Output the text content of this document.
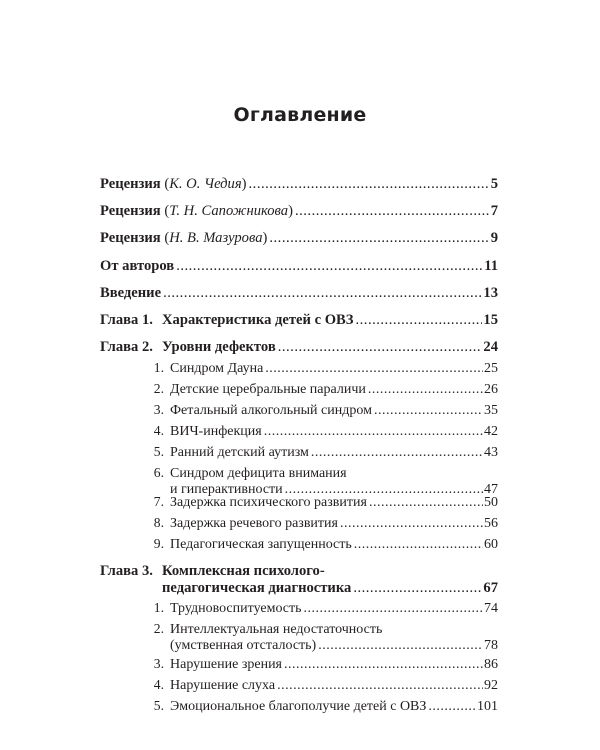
Оглавление
Рецензия (К. О. Чедия) .....	5
Рецензия (Т. Н. Сапожникова) .....	7
Рецензия (Н. В. Мазурова) .....	9
От авторов .....	11
Введение .....	13
Глава 1. Характеристика детей с ОВЗ .....	15
Глава 2. Уровни дефектов .....	24
1. Синдром Дауна .....	25
2. Детские церебральные параличи .....	26
3. Фетальный алкогольный синдром .....	35
4. ВИЧ-инфекция .....	42
5. Ранний детский аутизм .....	43
6. Синдром дефицита внимания
и гиперактивности .....	47
7. Задержка психического развития .....	50
8. Задержка речевого развития .....	56
9. Педагогическая запущенность .....	60
Глава 3. Комплексная психолого-
педагогическая диагностика .....	67
1. Трудновоспитуемость .....	74
2. Интеллектуальная недостаточность
(умственная отсталость) .....	78
3. Нарушение зрения .....	86
4. Нарушение слуха .....	92
5. Эмоциональное благополучие детей с ОВЗ .....	101
